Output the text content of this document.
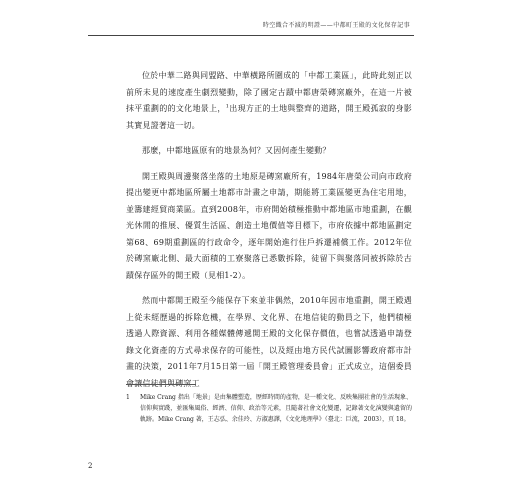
時空織合不減的明證——中都町王殿的文化保存記事

位於中華二路與同盟路、中華橫路所圍成的「中都工業區」，此時此刻正以前所未見的速度產生劇烈變動，除了國定古蹟中都唐榮磚窯廠外，在這一片被抹平重劃的的文化地景上，$^1$出現方正的土地與整齊的道路，開王殿孤寂的身影其實見證著這一切。

那麼，中都地區原有的地景為何？又因何產生變動？

開王殿與周邊聚落坐落的土地原是磚窯廠所有，1984年唐榮公司向市政府提出變更中都地區所屬土地都市計畫之申請，期能將工業區變更為住宅用地，並籌建經貿商業區。直到2008年，市府開始積極推動中都地區市地重劃，在觀光休閒的推展、優質生活區、創造土地價值等目標下，市府依據中都地區劃定第68、69期重劃區的行政命令，逐年開始進行住戶拆遷補償工作。2012年位於磚窯廠北側、最大面積的工寮聚落已悉數拆除，徒留下與聚落同被拆除於古蹟保存區外的開王殿（見相1-2）。

然而中都開王殿至今能保存下來並非偶然，2010年因市地重劃，開王殿遇上從未經歷過的拆除危機，在學界、文化界、在地信徒的動員之下，他們積極透過人際資源、利用各種媒體傳遞開王殿的文化保存價值，也嘗試透過申請登錄文化資產的方式尋求保存的可能性，以及經由地方民代試圖影響政府都市計畫的決策，2011年7月15日第一屆「開王殿管理委員會」正式成立，這個委員會讓信徒們與磚窯工

1	Mike Crang 指出「地景」是由集體塑造，歷經時間的產物，是一種文化、反映集團社會的生活現象、信仰與實踐，並匯集風俗、經濟、信仰、政治等元素，且隨著社會文化變遷，記錄著文化演變與遺留的軌跡。Mike Crang 著，王志弘、余佳玲、方淑惠譯，《文化地理學》（臺北：巨流，2003），頁 18。
2
